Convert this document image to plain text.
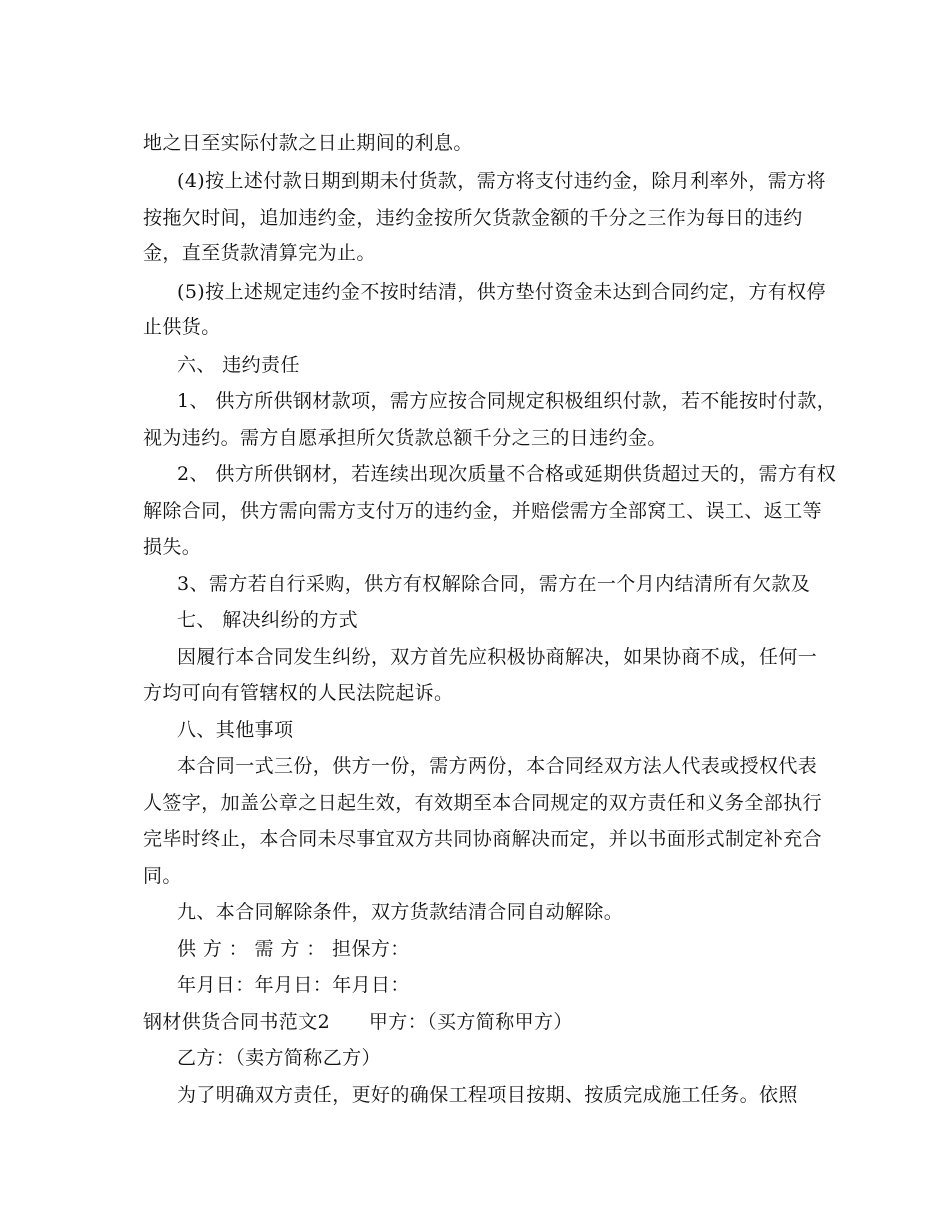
地之日至实际付款之日止期间的利息。
(4)按上述付款日期到期未付货款，需方将支付违约金，除月利率外，需方将
按拖欠时间，追加违约金，违约金按所欠货款金额的千分之三作为每日的违约
金，直至货款清算完为止。
(5)按上述规定违约金不按时结清，供方垫付资金未达到合同约定，方有权停
止供货。
六、 违约责任
1、 供方所供钢材款项，需方应按合同规定积极组织付款，若不能按时付款，
视为违约。需方自愿承担所欠货款总额千分之三的日违约金。
2、 供方所供钢材，若连续出现次质量不合格或延期供货超过天的，需方有权
解除合同，供方需向需方支付万的违约金，并赔偿需方全部窝工、误工、返工等
损失。
3、需方若自行采购，供方有权解除合同，需方在一个月内结清所有欠款及
七、 解决纠纷的方式
因履行本合同发生纠纷，双方首先应积极协商解决，如果协商不成，任何一
方均可向有管辖权的人民法院起诉。
八、其他事项
本合同一式三份，供方一份，需方两份，本合同经双方法人代表或授权代表
人签字，加盖公章之日起生效，有效期至本合同规定的双方责任和义务全部执行
完毕时终止，本合同未尽事宜双方共同协商解决而定，并以书面形式制定补充合
同。
九、本合同解除条件，双方货款结清合同自动解除。
供 方 ： 需 方 ： 担保方：
年月日：年月日：年月日：
钢材供货合同书范文2　　甲方：（买方简称甲方）
乙方：（卖方简称乙方）
为了明确双方责任，更好的确保工程项目按期、按质完成施工任务。依照
